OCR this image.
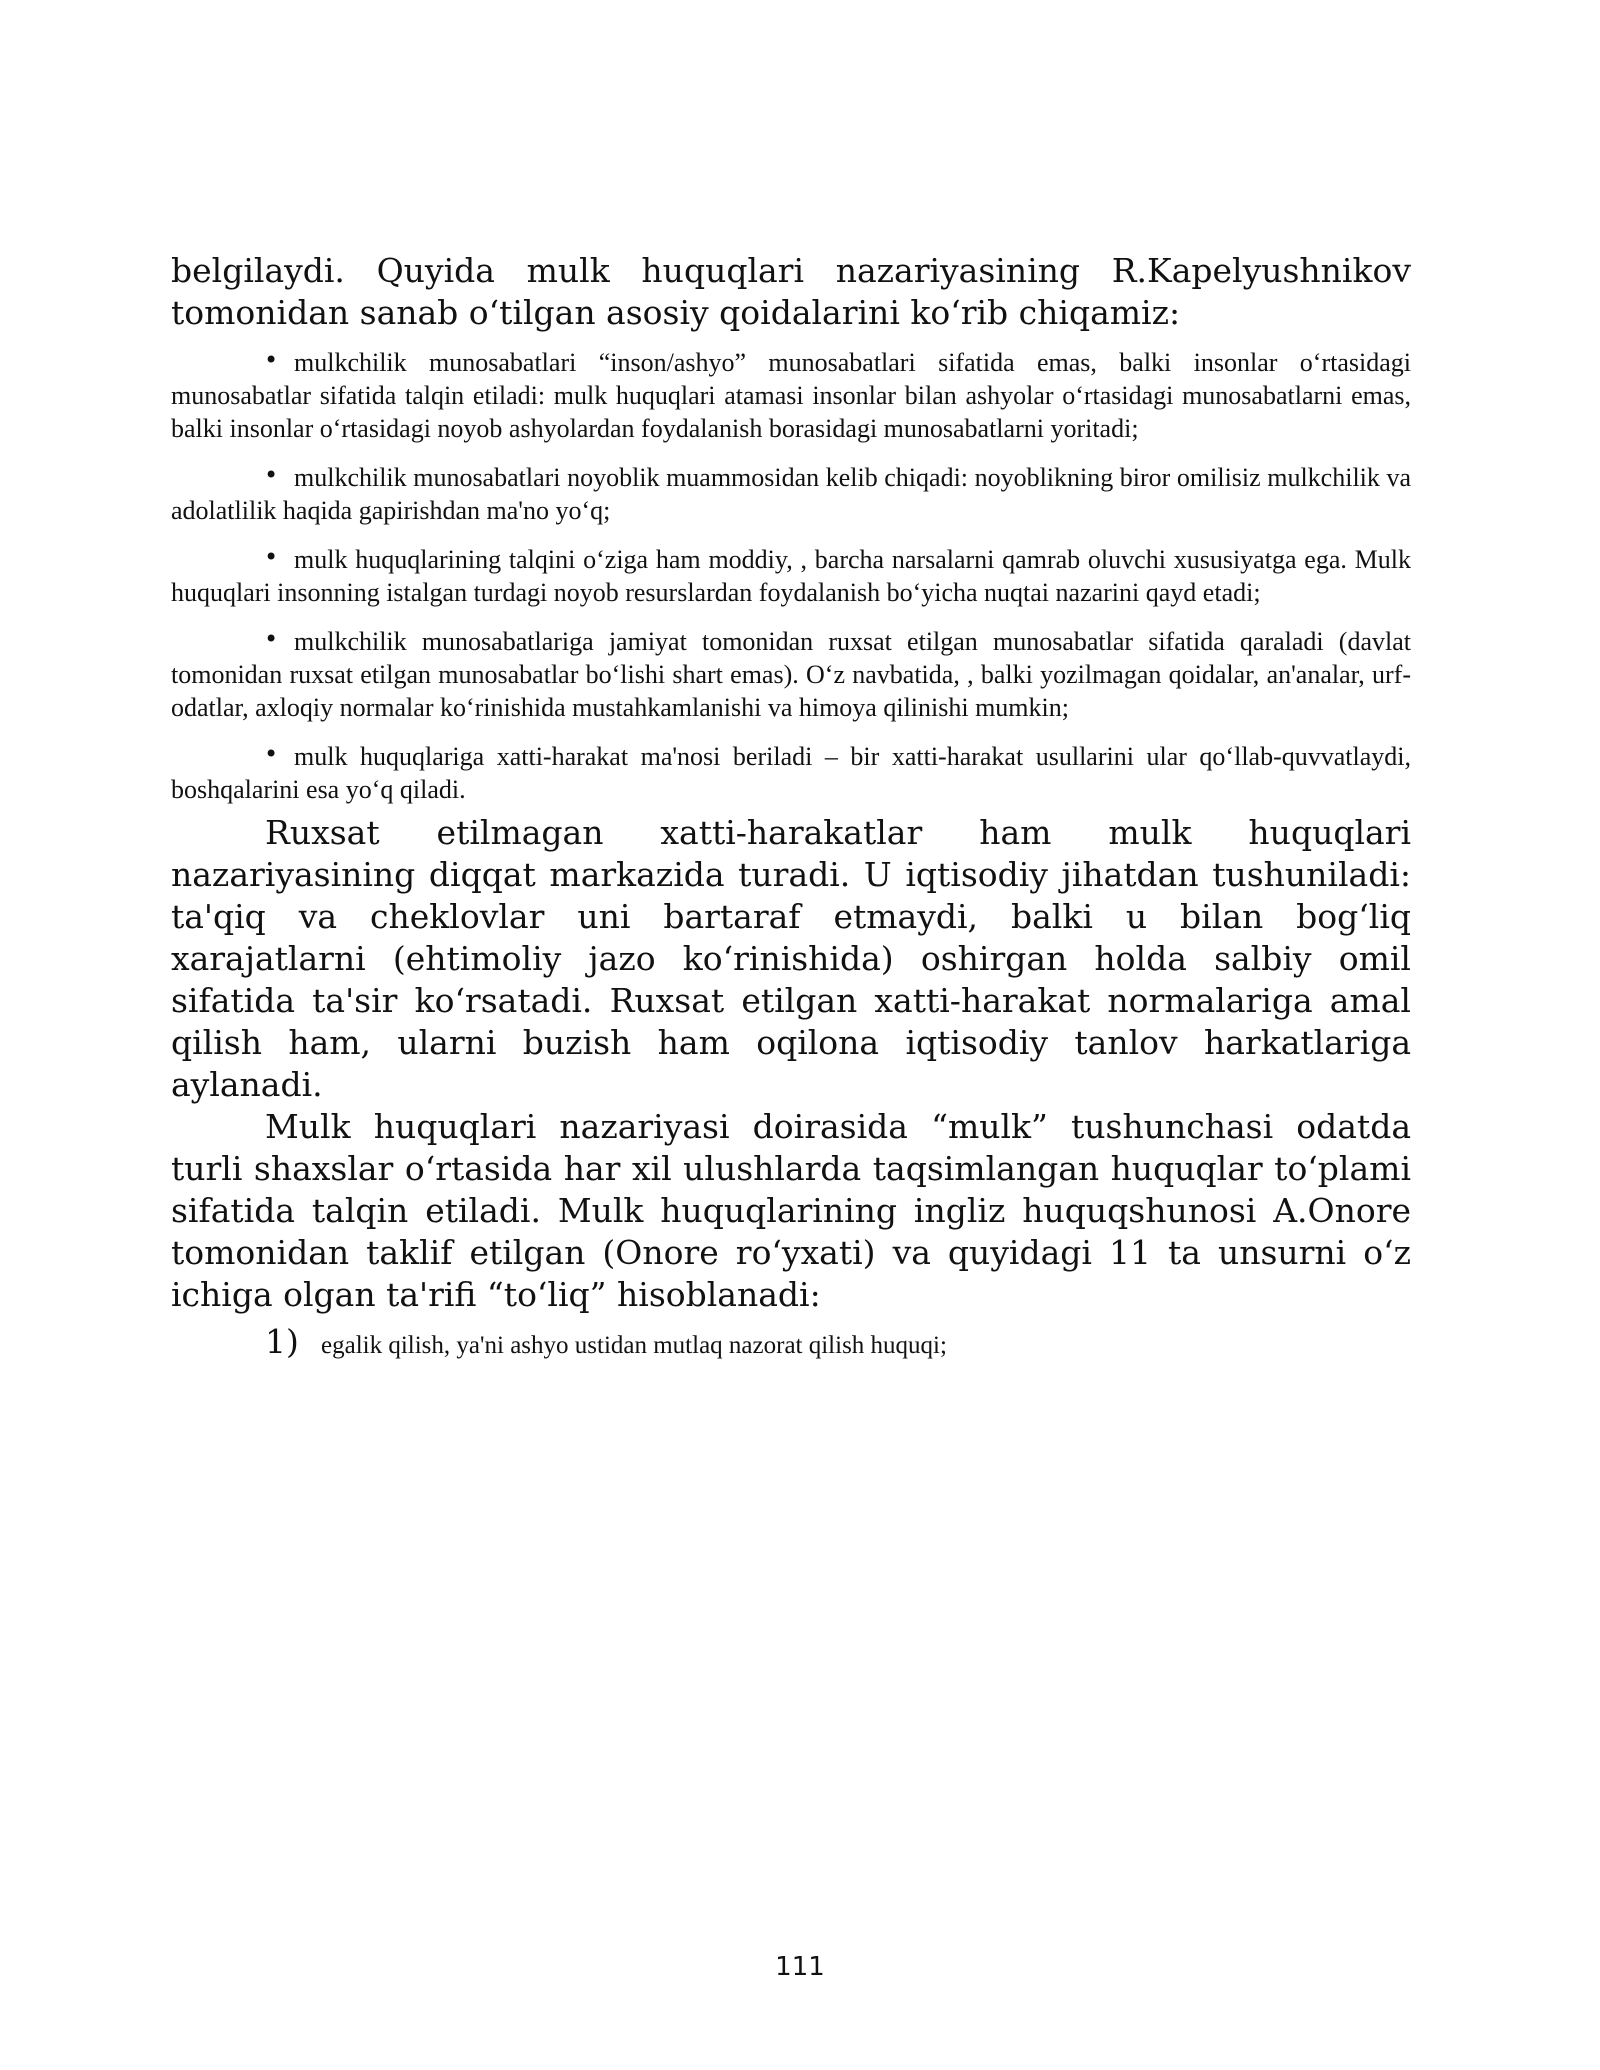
belgilaydi. Quyida mulk huquqlari nazariyasining R.Kapelyushnikov tomonidan sanab o‘tilgan asosiy qoidalarini ko‘rib chiqamiz:

• mulkchilik munosabatlari “inson/ashyo” munosabatlari sifatida emas, balki insonlar o‘rtasidagi munosabatlar sifatida talqin etiladi: mulk huquqlari atamasi insonlar bilan ashyolar o‘rtasidagi munosabatlarni emas, balki insonlar o‘rtasidagi noyob ashyolardan foydalanish borasidagi munosabatlarni yoritadi;

• mulkchilik munosabatlari noyoblik muammosidan kelib chiqadi: noyoblikning biror omilisiz mulkchilik va adolatlilik haqida gapirishdan ma'no yo‘q;

• mulk huquqlarining talqini o‘ziga ham moddiy, , barcha narsalarni qamrab oluvchi xususiyatga ega. Mulk huquqlari insonning istalgan turdagi noyob resurslardan foydalanish bo‘yicha nuqtai nazarini qayd etadi;

• mulkchilik munosabatlariga jamiyat tomonidan ruxsat etilgan munosabatlar sifatida qaraladi (davlat tomonidan ruxsat etilgan munosabatlar bo‘lishi shart emas). O‘z navbatida, , balki yozilmagan qoidalar, an'analar, urf- odatlar, axloqiy normalar ko‘rinishida mustahkamlanishi va himoya qilinishi mumkin;

• mulk huquqlariga xatti-harakat ma'nosi beriladi – bir xatti-harakat usullarini ular qo‘llab-quvvatlaydi, boshqalarini esa yo‘q qiladi.

Ruxsat etilmagan xatti-harakatlar ham mulk huquqlari nazariyasining diqqat markazida turadi. U iqtisodiy jihatdan tushuniladi: ta'qiq va cheklovlar uni bartaraf etmaydi, balki u bilan bog‘liq xarajatlarni (ehtimoliy jazo ko‘rinishida) oshirgan holda salbiy omil sifatida ta'sir ko‘rsatadi. Ruxsat etilgan xatti-harakat normalariga amal qilish ham, ularni buzish ham oqilona iqtisodiy tanlov harkatlariga aylanadi.

Mulk huquqlari nazariyasi doirasida “mulk” tushunchasi odatda turli shaxslar o‘rtasida har xil ulushlarda taqsimlangan huquqlar to‘plami sifatida talqin etiladi. Mulk huquqlarining ingliz huquqshunosi A.Onore tomonidan taklif etilgan (Onore ro‘yxati) va quyidagi 11 ta unsurni o‘z ichiga olgan ta'rifi “to‘liq” hisoblanadi:

1) egalik qilish, ya'ni ashyo ustidan mutlaq nazorat qilish huquqi;
111
